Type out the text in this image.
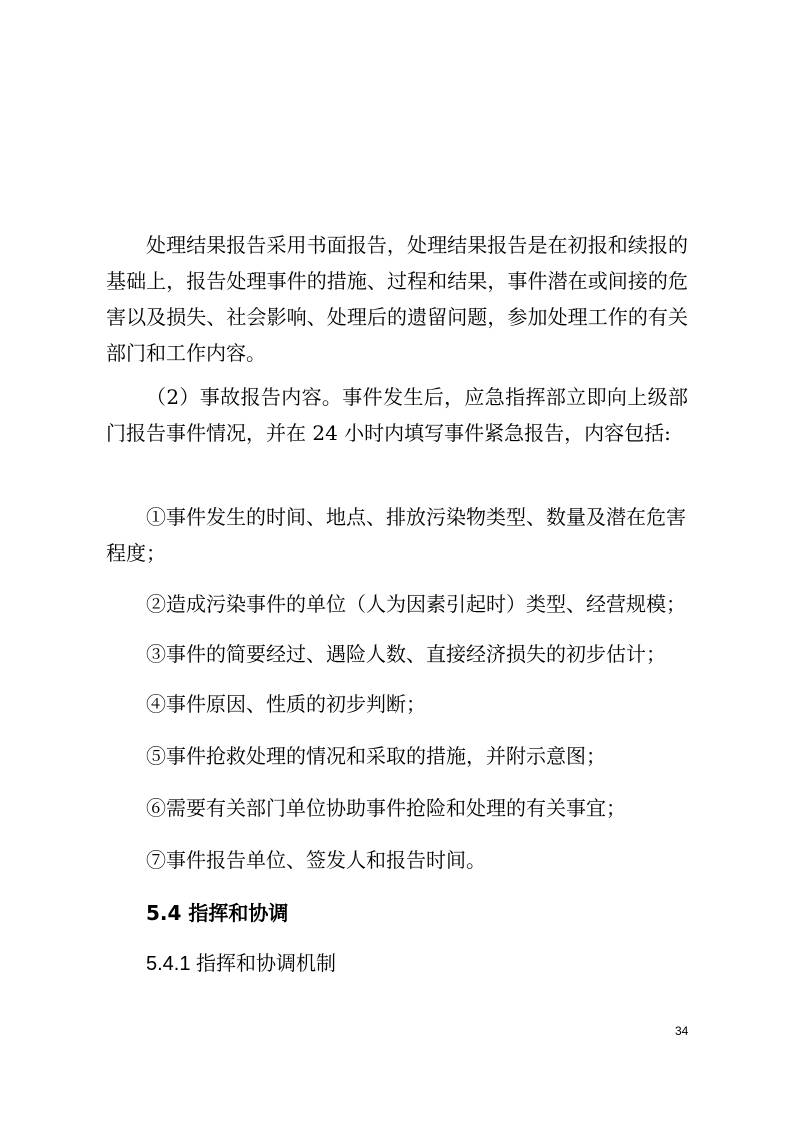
处理结果报告采用书面报告，处理结果报告是在初报和续报的基础上，报告处理事件的措施、过程和结果，事件潜在或间接的危害以及损失、社会影响、处理后的遗留问题，参加处理工作的有关部门和工作内容。

（2）事故报告内容。事件发生后，应急指挥部立即向上级部门报告事件情况，并在 24 小时内填写事件紧急报告，内容包括:

①事件发生的时间、地点、排放污染物类型、数量及潜在危害程度；

②造成污染事件的单位（人为因素引起时）类型、经营规模；

③事件的简要经过、遇险人数、直接经济损失的初步估计；

④事件原因、性质的初步判断；

⑤事件抢救处理的情况和采取的措施，并附示意图；

⑥需要有关部门单位协助事件抢险和处理的有关事宜；

⑦事件报告单位、签发人和报告时间。

5.4 指挥和协调

5.4.1 指挥和协调机制

34
